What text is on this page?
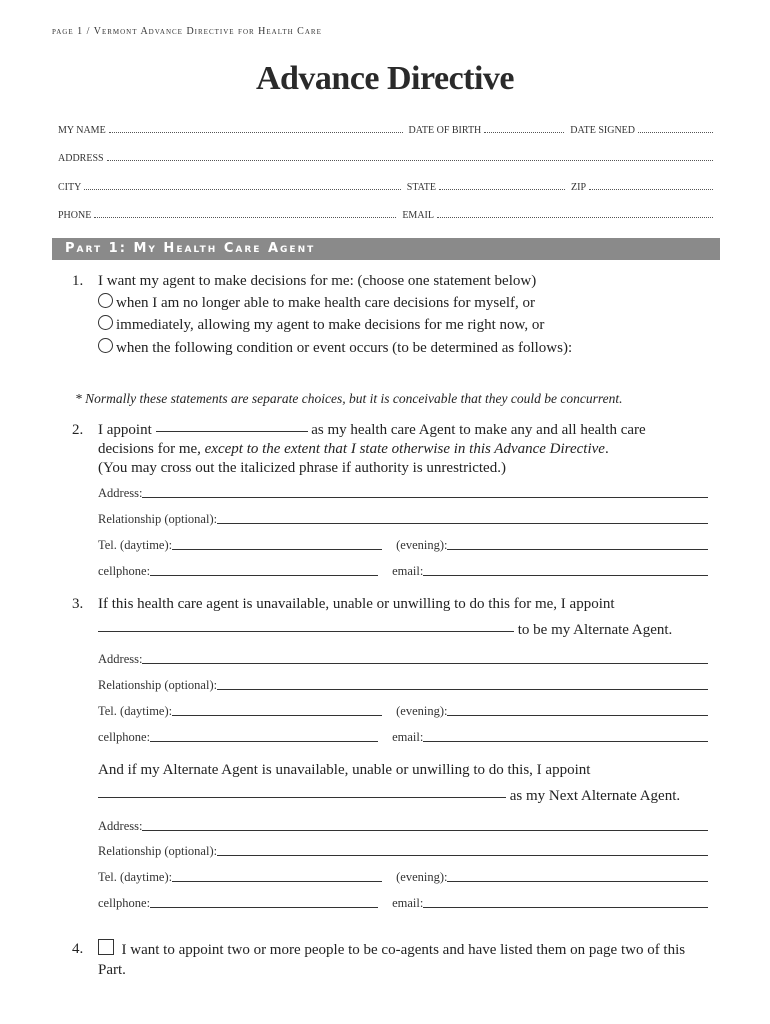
page 1 / Vermont Advance Directive for Health Care
Advance Directive
MY NAME	DATE OF BIRTH	DATE SIGNED
ADDRESS
CITY	STATE	ZIP
PHONE	EMAIL
Part 1: My Health Care Agent
1. I want my agent to make decisions for me: (choose one statement below)
when I am no longer able to make health care decisions for myself, or
immediately, allowing my agent to make decisions for me right now, or
when the following condition or event occurs (to be determined as follows):
* Normally these statements are separate choices, but it is conceivable that they could be concurrent.
2. I appoint	as my health care Agent to make any and all health care
decisions for me, except to the extent that I state otherwise in this Advance Directive.
(You may cross out the italicized phrase if authority is unrestricted.)
Address:
Relationship (optional):
Tel. (daytime):	(evening):
cellphone:	email:
3. If this health care agent is unavailable, unable or unwilling to do this for me, I appoint
to be my Alternate Agent.
Address:
Relationship (optional):
Tel. (daytime):	(evening):
cellphone:	email:
And if my Alternate Agent is unavailable, unable or unwilling to do this, I appoint
as my Next Alternate Agent.
Address:
Relationship (optional):
Tel. (daytime):	(evening):
cellphone:	email:
4.	I want to appoint two or more people to be co-agents and have listed them on page two of this
Part.
